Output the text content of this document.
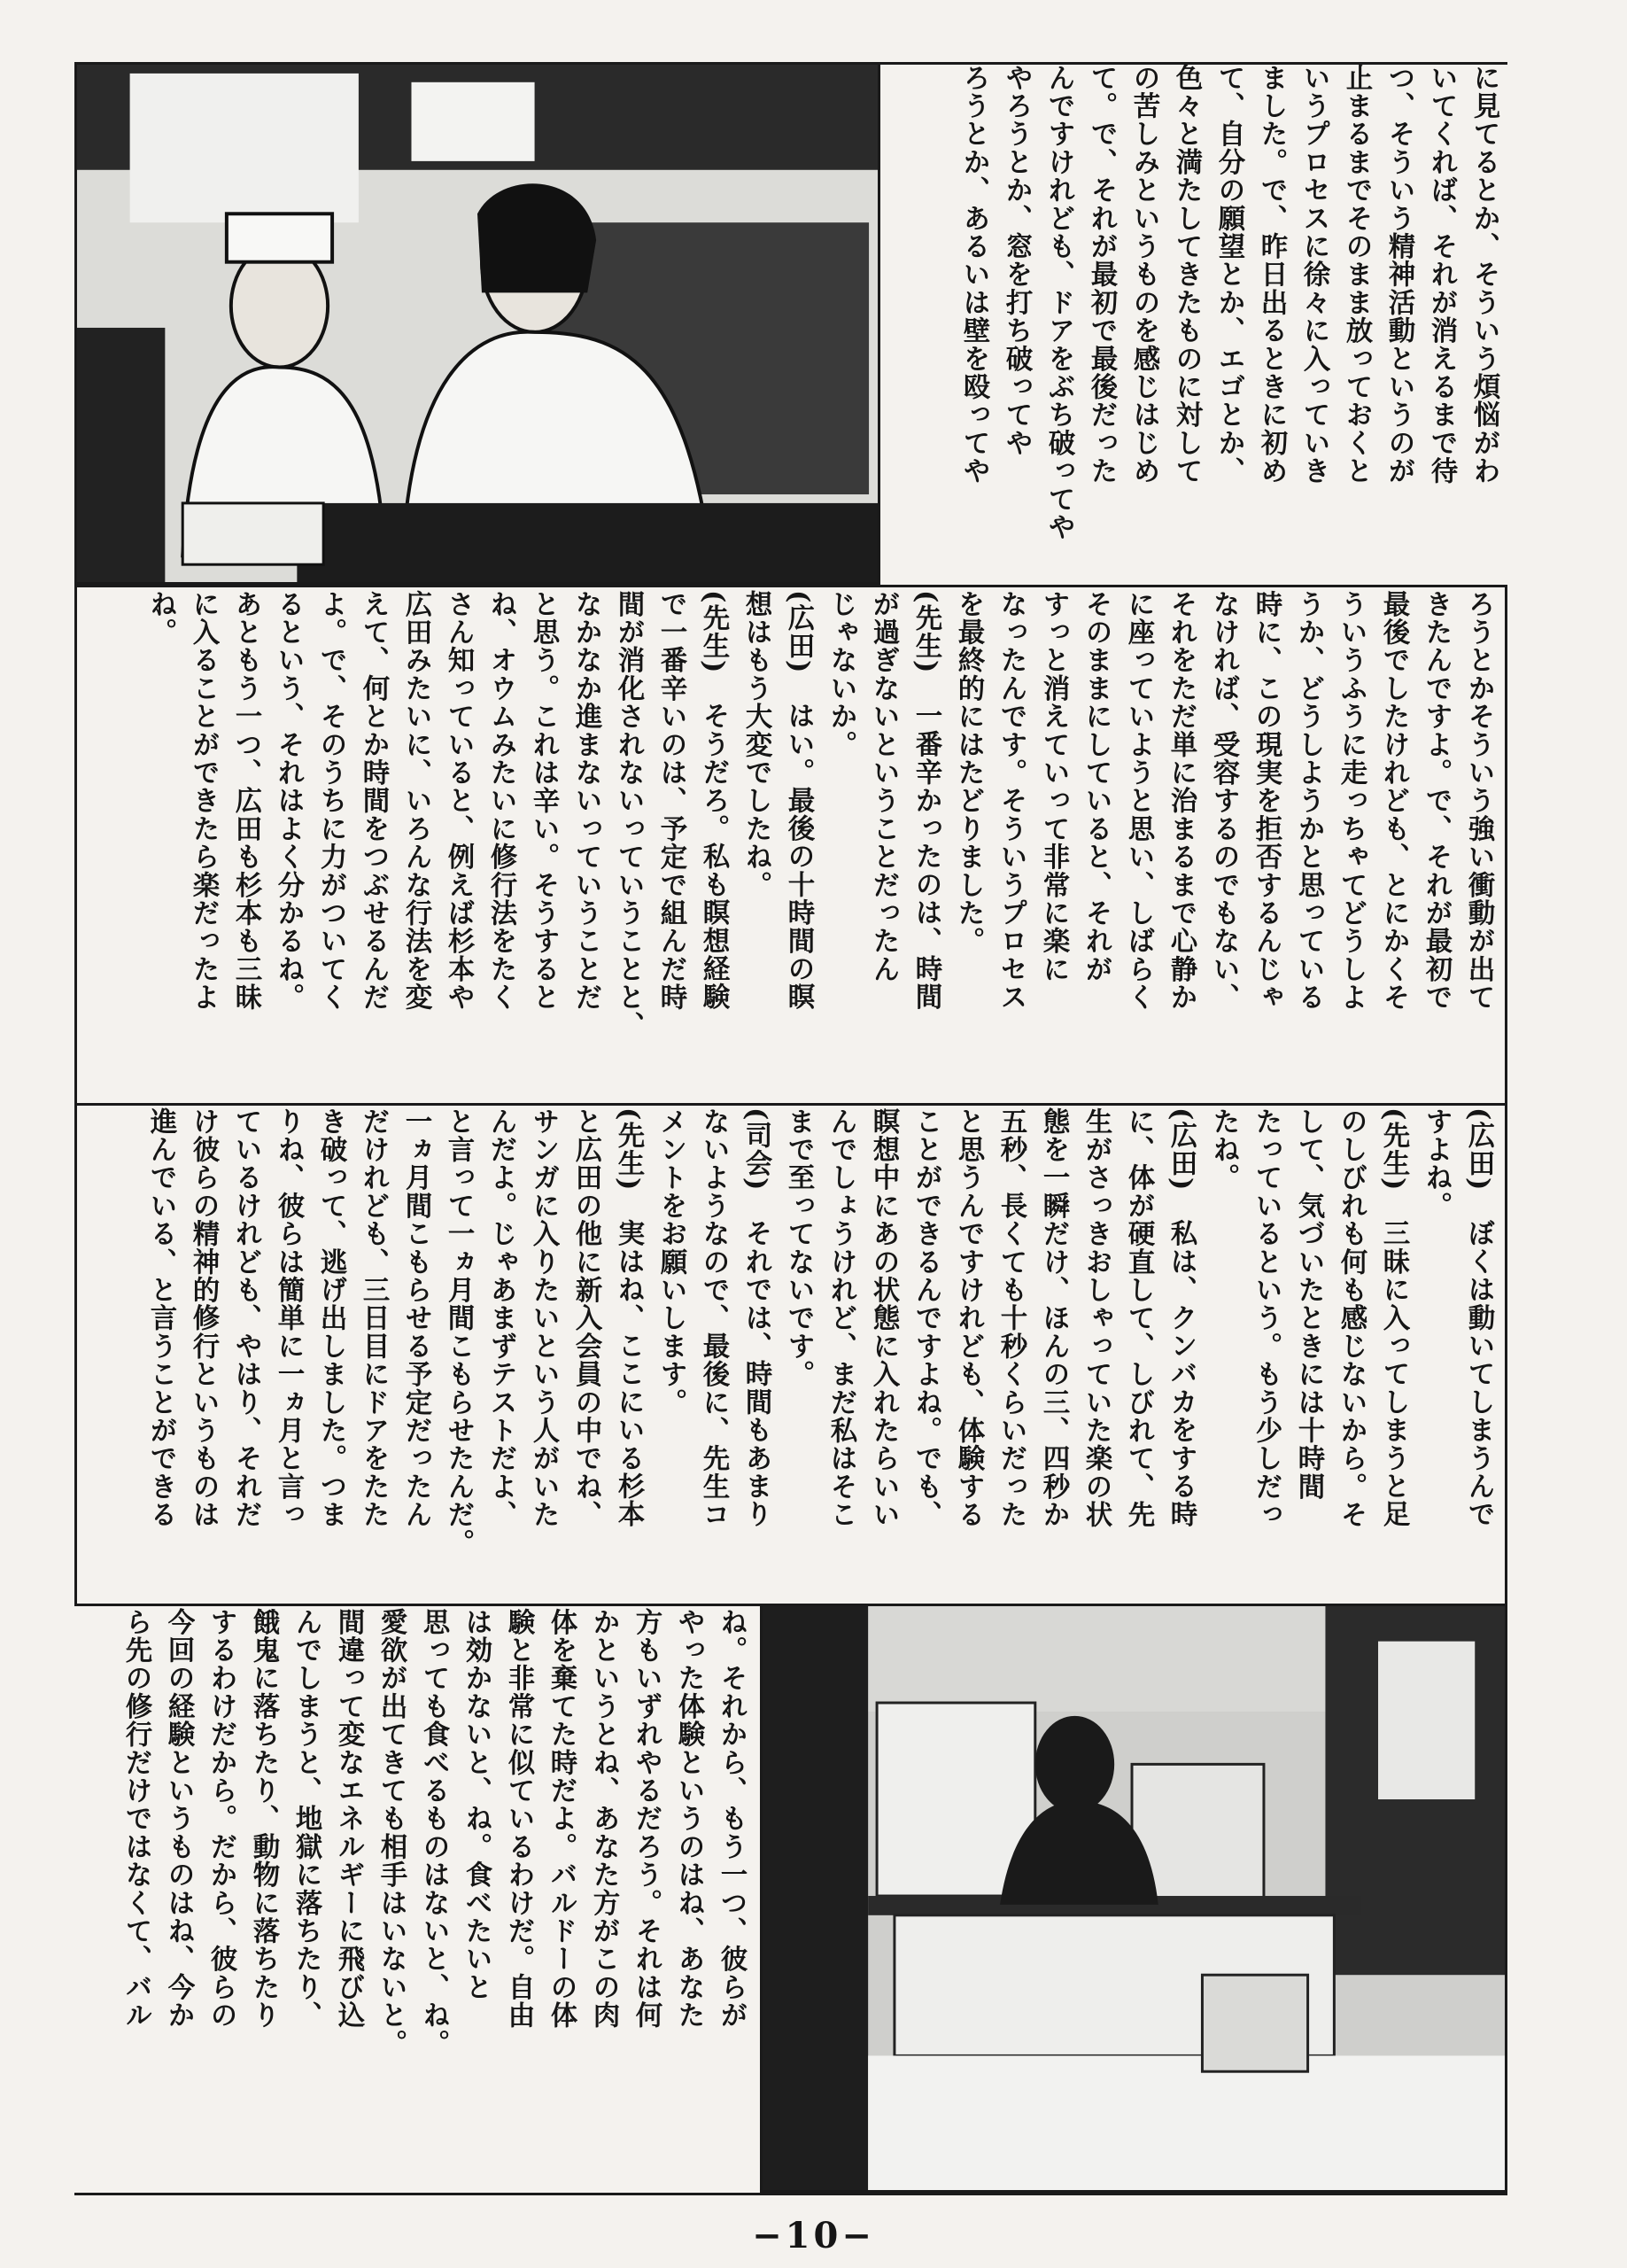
に見てるとか、そういう煩悩がわ
いてくれば、それが消えるまで待
つ、そういう精神活動というのが
止まるまでそのまま放っておくと
いうプロセスに徐々に入っていき
ました。で、昨日出るときに初め
て、自分の願望とか、エゴとか、
色々と満たしてきたものに対して
の苦しみというものを感じはじめ
て。で、それが最初で最後だった
んですけれども、ドアをぶち破ってや
やろうとか、窓を打ち破ってや
ろうとか、あるいは壁を殴ってや
ろうとかそういう強い衝動が出て
きたんですよ。で、それが最初で
最後でしたけれども、とにかくそ
ういうふうに走っちゃてどうしよ
うか、どうしようかと思っている
時に、この現実を拒否するんじゃ
なければ、受容するのでもない、
それをただ単に治まるまで心静か
に座っていようと思い、しばらく
そのままにしていると、それが
すっと消えていって非常に楽に
なったんです。そういうプロセス
を最終的にはたどりました。
(先生)　一番辛かったのは、時間
が過ぎないということだったん
じゃないか。
(広田)　はい。最後の十時間の瞑
想はもう大変でしたね。
(先生)　そうだろ。私も瞑想経験
で一番辛いのは、予定で組んだ時
間が消化されないっていうことと、
なかなか進まないっていうことだ
と思う。これは辛い。そうすると
ね、オウムみたいに修行法をたく
さん知っていると、例えば杉本や
広田みたいに、いろんな行法を変
えて、何とか時間をつぶせるんだ
よ。で、そのうちに力がついてく
るという、それはよく分かるね。
あともう一つ、広田も杉本も三昧
に入ることができたら楽だったよ
ね。
(広田)　ぼくは動いてしまうんで
すよね。
(先生)　三昧に入ってしまうと足
のしびれも何も感じないから。そ
して、気づいたときには十時間
たっているという。もう少しだっ
たね。
(広田)　私は、クンバカをする時
に、体が硬直して、しびれて、先
生がさっきおしゃっていた楽の状
態を一瞬だけ、ほんの三、四秒か
五秒、長くても十秒くらいだった
と思うんですけれども、体験する
ことができるんですよね。でも、
瞑想中にあの状態に入れたらいい
んでしょうけれど、まだ私はそこ
まで至ってないです。
(司会)　それでは、時間もあまり
ないようなので、最後に、先生コ
メントをお願いします。
(先生)　実はね、ここにいる杉本
と広田の他に新入会員の中でね、
サンガに入りたいという人がいた
んだよ。じゃあまずテストだよ、
と言って一ヵ月間こもらせたんだ。
一ヵ月間こもらせる予定だったん
だけれども、三日目にドアをたた
き破って、逃げ出しました。つま
りね、彼らは簡単に一ヵ月と言っ
ているけれども、やはり、それだ
け彼らの精神的修行というものは
進んでいる、と言うことができる
ね。それから、もう一つ、彼らが
やった体験というのはね、あなた
方もいずれやるだろう。それは何
かというとね、あなた方がこの肉
体を棄てた時だよ。バルドーの体
験と非常に似ているわけだ。自由
は効かないと、ね。食べたいと
思っても食べるものはないと、ね。
愛欲が出てきても相手はいないと。
間違って変なエネルギーに飛び込
んでしまうと、地獄に落ちたり、
餓鬼に落ちたり、動物に落ちたり
するわけだから。だから、彼らの
今回の経験というものはね、今か
ら先の修行だけではなくて、バル
−10−
